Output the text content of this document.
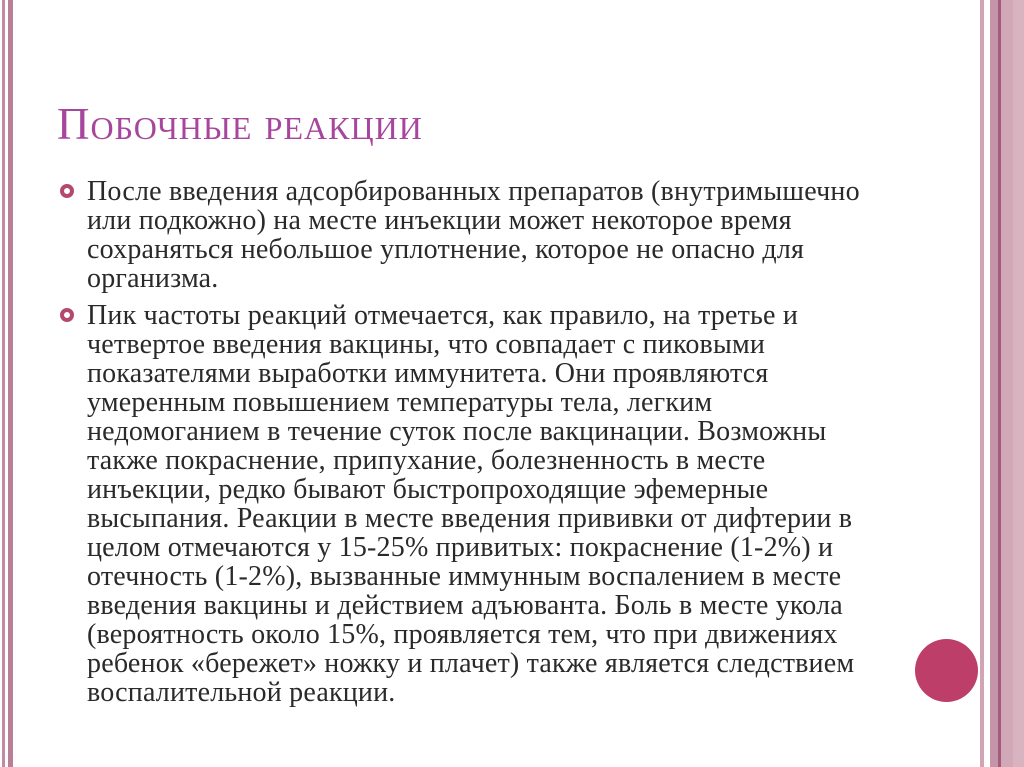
Побочные реакции
После введения адсорбированных препаратов (внутримышечно или подкожно) на месте инъекции может некоторое время сохраняться небольшое уплотнение, которое не опасно для организма.
Пик частоты реакций отмечается, как правило, на третье и четвертое введения вакцины, что совпадает с пиковыми показателями выработки иммунитета. Они проявляются умеренным повышением температуры тела, легким недомоганием в течение суток после вакцинации. Возможны также покраснение, припухание, болезненность в месте инъекции, редко бывают быстропроходящие эфемерные высыпания. Реакции в месте введения прививки от дифтерии в целом отмечаются у 15-25% привитых: покраснение (1-2%) и отечность (1-2%), вызванные иммунным воспалением в месте введения вакцины и действием адъюванта. Боль в месте укола (вероятность около 15%, проявляется тем, что при движениях ребенок «бережет» ножку и плачет) также является следствием воспалительной реакции.
